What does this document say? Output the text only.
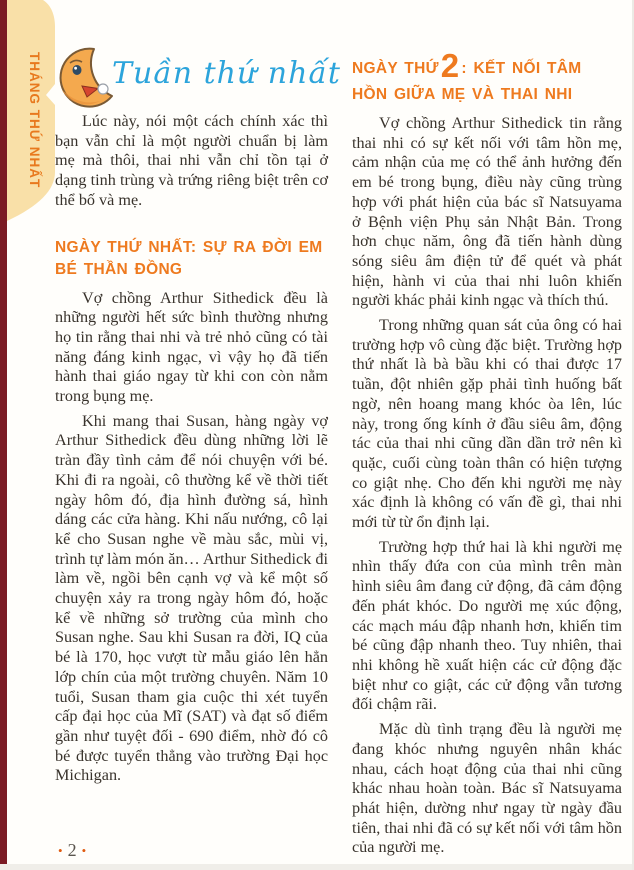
THÁNG THỨ NHẤT Tuần thứ nhất

Lúc này, nói một cách chính xác thì bạn vẫn chỉ là một người chuẩn bị làm mẹ mà thôi, thai nhi vẫn chỉ tồn tại ở dạng tinh trùng và trứng riêng biệt trên cơ thể bố và mẹ.

NGÀY THỨ NHẤT: SỰ RA ĐỜI EM BÉ THẦN ĐỒNG

Vợ chồng Arthur Sithedick đều là những người hết sức bình thường nhưng họ tin rằng thai nhi và trẻ nhỏ cũng có tài năng đáng kinh ngạc, vì vậy họ đã tiến hành thai giáo ngay từ khi con còn nằm trong bụng mẹ.

Khi mang thai Susan, hàng ngày vợ Arthur Sithedick đều dùng những lời lẽ tràn đầy tình cảm để nói chuyện với bé. Khi đi ra ngoài, cô thường kể về thời tiết ngày hôm đó, địa hình đường sá, hình dáng các cửa hàng. Khi nấu nướng, cô lại kể cho Susan nghe về màu sắc, mùi vị, trình tự làm món ăn… Arthur Sithedick đi làm về, ngồi bên cạnh vợ và kể một số chuyện xảy ra trong ngày hôm đó, hoặc kể về những sở trường của mình cho Susan nghe. Sau khi Susan ra đời, IQ của bé là 170, học vượt từ mẫu giáo lên hẳn lớp chín của một trường chuyên. Năm 10 tuổi, Susan tham gia cuộc thi xét tuyển cấp đại học của Mĩ (SAT) và đạt số điểm gần như tuyệt đối - 690 điểm, nhờ đó cô bé được tuyển thẳng vào trường Đại học Michigan.

NGÀY THỨ2 : KẾT NỐI TÂM HỒN GIỮA MẸ VÀ THAI NHI

Vợ chồng Arthur Sithedick tin rằng thai nhi có sự kết nối với tâm hồn mẹ, cảm nhận của mẹ có thể ảnh hưởng đến em bé trong bụng, điều này cũng trùng hợp với phát hiện của bác sĩ Natsuyama ở Bệnh viện Phụ sản Nhật Bản. Trong hơn chục năm, ông đã tiến hành dùng sóng siêu âm điện tử để quét và phát hiện, hành vi của thai nhi luôn khiến người khác phải kinh ngạc và thích thú.

Trong những quan sát của ông có hai trường hợp vô cùng đặc biệt. Trường hợp thứ nhất là bà bầu khi có thai được 17 tuần, đột nhiên gặp phải tình huống bất ngờ, nên hoang mang khóc òa lên, lúc này, trong ống kính ở đầu siêu âm, động tác của thai nhi cũng dần dần trở nên kì quặc, cuối cùng toàn thân có hiện tượng co giật nhẹ. Cho đến khi người mẹ này xác định là không có vấn đề gì, thai nhi mới từ từ ổn định lại.

Trường hợp thứ hai là khi người mẹ nhìn thấy đứa con của mình trên màn hình siêu âm đang cử động, đã cảm động đến phát khóc. Do người mẹ xúc động, các mạch máu đập nhanh hơn, khiến tim bé cũng đập nhanh theo. Tuy nhiên, thai nhi không hề xuất hiện các cử động đặc biệt như co giật, các cử động vẫn tương đối chậm rãi.

Mặc dù tình trạng đều là người mẹ đang khóc nhưng nguyên nhân khác nhau, cách hoạt động của thai nhi cũng khác nhau hoàn toàn. Bác sĩ Natsuyama phát hiện, dường như ngay từ ngày đầu tiên, thai nhi đã có sự kết nối với tâm hồn của người mẹ.

• 2 •
